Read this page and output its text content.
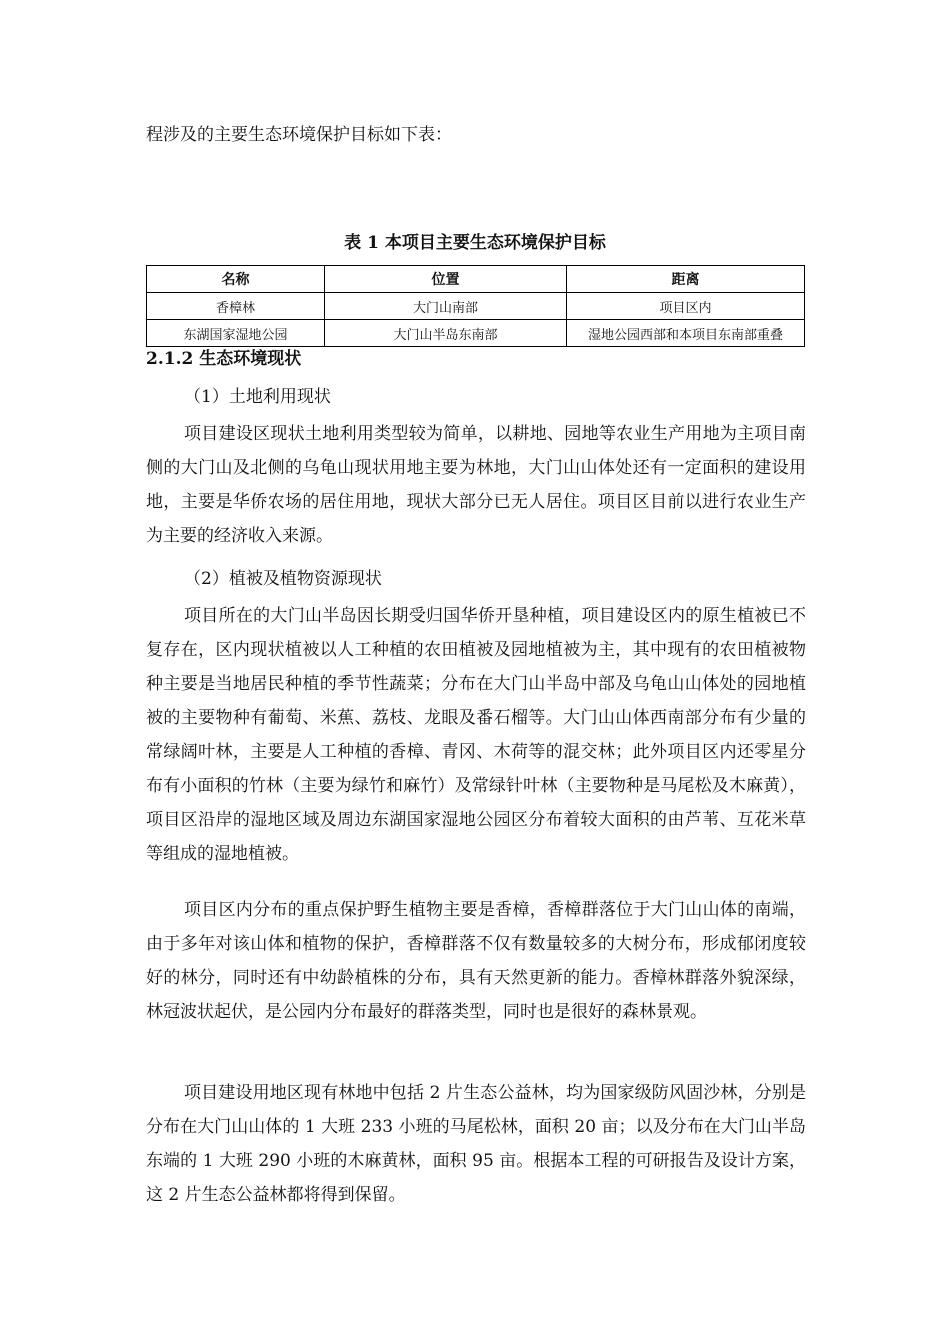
程涉及的主要生态环境保护目标如下表：
表 1 本项目主要生态环境保护目标
名称	位置	距离
香樟林	大门山南部	项目区内
东湖国家湿地公园	大门山半岛东南部	湿地公园西部和本项目东南部重叠
2.1.2 生态环境现状
（1）土地利用现状
项目建设区现状土地利用类型较为简单，以耕地、园地等农业生产用地为主项目南侧的大门山及北侧的乌龟山现状用地主要为林地，大门山山体处还有一定面积的建设用地，主要是华侨农场的居住用地，现状大部分已无人居住。项目区目前以进行农业生产为主要的经济收入来源。
（2）植被及植物资源现状
项目所在的大门山半岛因长期受归国华侨开垦种植，项目建设区内的原生植被已不复存在，区内现状植被以人工种植的农田植被及园地植被为主，其中现有的农田植被物种主要是当地居民种植的季节性蔬菜；分布在大门山半岛中部及乌龟山山体处的园地植被的主要物种有葡萄、米蕉、荔枝、龙眼及番石榴等。大门山山体西南部分布有少量的常绿阔叶林，主要是人工种植的香樟、青冈、木荷等的混交林；此外项目区内还零星分布有小面积的竹林（主要为绿竹和麻竹）及常绿针叶林（主要物种是马尾松及木麻黄），项目区沿岸的湿地区域及周边东湖国家湿地公园区分布着较大面积的由芦苇、互花米草等组成的湿地植被。
项目区内分布的重点保护野生植物主要是香樟，香樟群落位于大门山山体的南端，由于多年对该山体和植物的保护，香樟群落不仅有数量较多的大树分布，形成郁闭度较好的林分，同时还有中幼龄植株的分布，具有天然更新的能力。香樟林群落外貌深绿，林冠波状起伏，是公园内分布最好的群落类型，同时也是很好的森林景观。
项目建设用地区现有林地中包括 2 片生态公益林，均为国家级防风固沙林，分别是分布在大门山山体的 1 大班 233 小班的马尾松林，面积 20 亩；以及分布在大门山半岛东端的 1 大班 290 小班的木麻黄林，面积 95 亩。根据本工程的可研报告及设计方案，这 2 片生态公益林都将得到保留。
